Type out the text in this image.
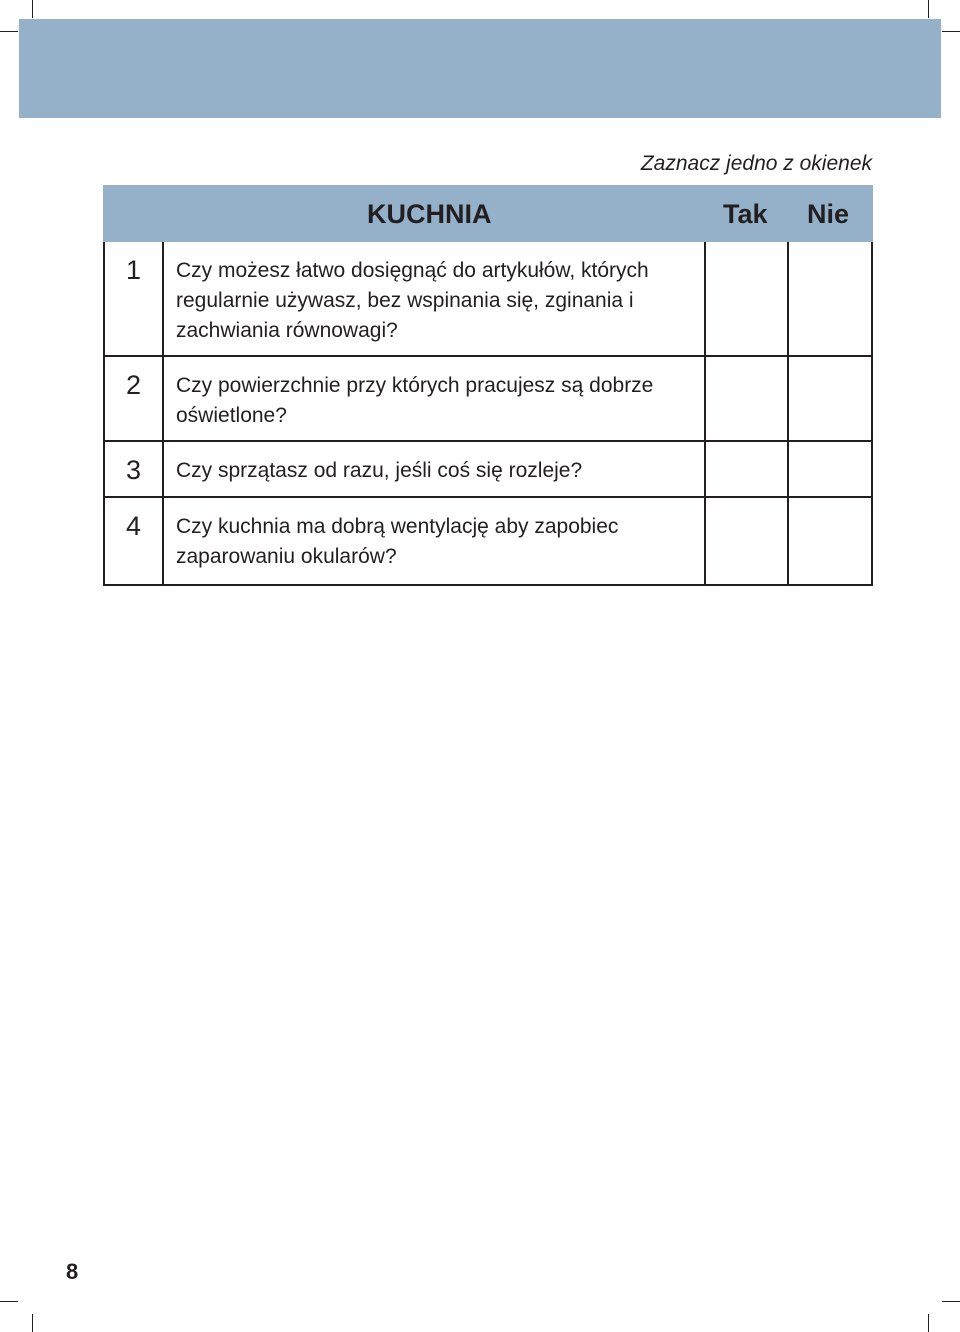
Zaznacz jedno z okienek
KUCHNIA	Tak Nie
1	Czy możesz łatwo dosięgnąć do artykułów, których regularnie używasz, bez wspinania się, zginania i zachwiania równowagi?
2	Czy powierzchnie przy których pracujesz są dobrze oświetlone?
3	Czy sprzątasz od razu, jeśli coś się rozleje?
4	Czy kuchnia ma dobrą wentylację aby zapobiec zaparowaniu okularów?
8
